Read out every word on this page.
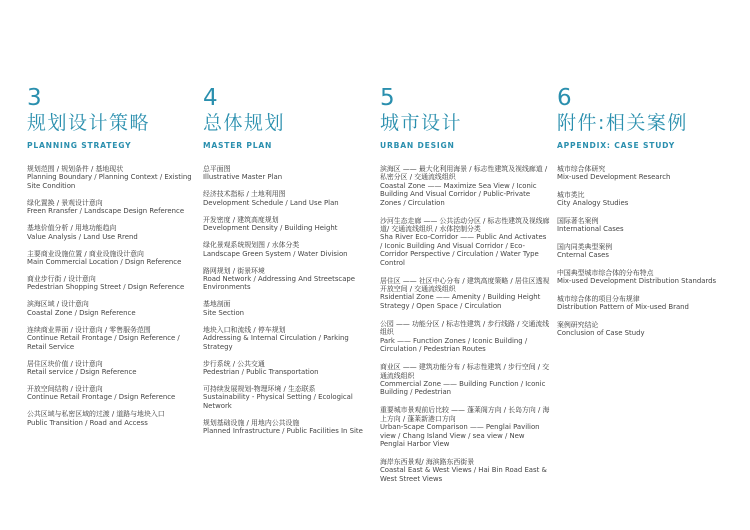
3
规划设计策略
PLANNING STRATEGY
规划范围 / 规划条件 / 基地现状
Planning Boundary / Planning Context / Existing Site Condition
绿化置换 / 景观设计意向
Freen Rransfer / Landscape Design Reference
基地价值分析 / 用地功能趋向
Value Analysis / Land Use Rrend
主要商业设施位置 / 商业设施设计意向
Main Commercial Location / Dsign Reference
商业步行街 / 设计意向
Pedestrian Shopping Street / Dsign Reference
滨海区域 / 设计意向
Coastal Zone / Dsign Reference
连续商业界面 / 设计意向 / 零售服务范围
Continue Retail Frontage / Dsign Reference / Retail Service
居住区块价值 / 设计意向
Retail service / Dsign Reference
开放空间结构 / 设计意向
Continue Retail Frontage / Dsign Reference
公共区域与私密区域的过渡 / 道路与地块入口
Public Transition / Road and Access
4
总体规划
MASTER PLAN
总平面图
Illustrative Master Plan
经济技术指标 / 土地利用图
Development Schedule / Land Use Plan
开发密度 / 建筑高度规划
Development Density / Building Height
绿化景观系统规划图 / 水体分类
Landscape Green System / Water Division
路网规划 / 街景环境
Road Network / Addressing And Streetscape Environments
基地剖面
Site Section
地块入口和流线 / 停车规划
Addressing & Internal Circulation / Parking Strategy
步行系统 / 公共交通
Pedestrian / Public Transportation
可持续发展规划-物理环境 / 生态联系
Sustainability - Physical Setting / Ecological Network
规划基础设施 / 用地内公共设施
Planned Infrastructure / Public Facilities In Site
5
城市设计
URBAN DESIGN
滨海区 —— 最大化利用海景 / 标志性建筑及视线廊道 / 私密分区 / 交通流线组织
Coastal Zone —— Maximize Sea View / Iconic Building And Visual Corridor / Public-Private Zones / Circulation
沙河生态走廊 —— 公共活动分区 / 标志性建筑及视线廊道/ 交通流线组织 / 水体控制分类
Sha River Eco-Corridor —— Public And Activates / Iconic Building And Visual Corridor / Eco-Corridor Perspective / Circulation / Water Type Control
居住区 —— 社区中心分布 / 建筑高度策略 / 居住区透视开放空间 / 交通流线组织
Rsidential Zone —— Amenity / Building Height Strategy / Open Space / Circulation
公园 —— 功能分区 / 标志性建筑 / 步行线路 / 交通流线组织
Park —— Function Zones / Iconic Building / Circulation / Pedestrian Routes
商业区 —— 建筑功能分布 / 标志性建筑 / 步行空间 / 交通流线组织
Commercial Zone —— Building Function / Iconic Building / Pedestrian
重要城市景观前后比较 —— 蓬莱阁方向 / 长岛方向 / 海上方向 / 蓬莱新港口方向
Urban-Scape Comparison —— Penglai Pavilion view / Chang Island View / sea view / New Penglai Harbor View
海岸东西景观/ 海滨路东西街景
Coastal East & West Views / Hai Bin Road East & West Street Views
6
附件:相关案例
APPENDIX: CASE STUDY
城市综合体研究
Mix-used Development Research
城市类比
City Analogy Studies
国际著名案例
International Cases
国内同类典型案例
Cnternal Cases
中国典型城市综合体的分布特点
Mix-used Development Distribution Standards
城市综合体的项目分布规律
Distribution Pattern of Mix-used Brand
案例研究结论
Conclusion of Case Study
